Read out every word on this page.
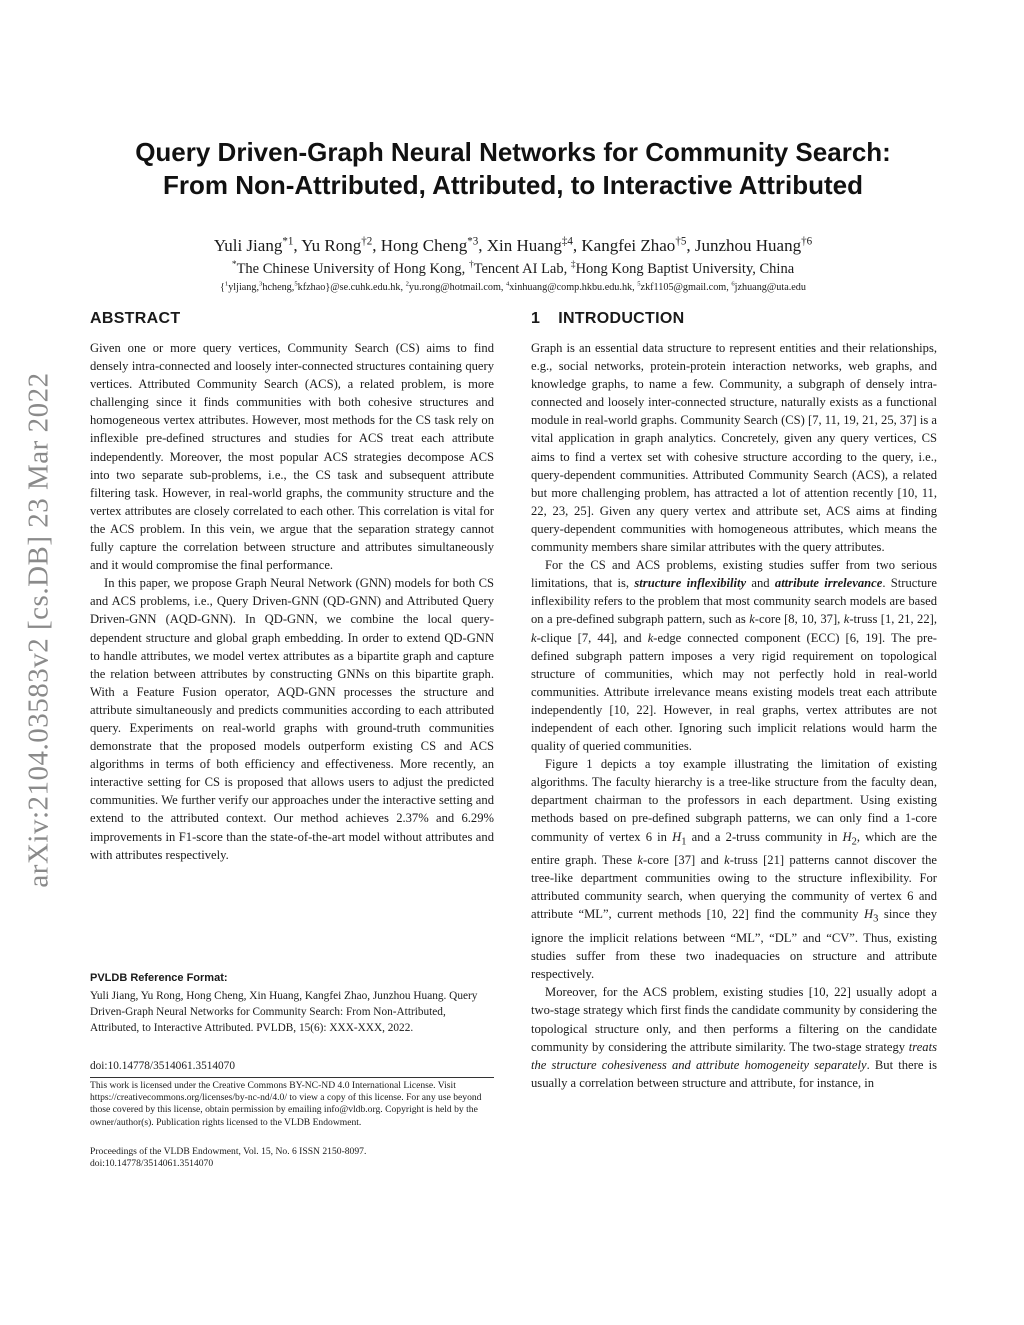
arXiv:2104.03583v2 [cs.DB] 23 Mar 2022
Query Driven-Graph Neural Networks for Community Search:
From Non-Attributed, Attributed, to Interactive Attributed
Yuli Jiang$^{*1}$, Yu Rong$^{\dagger 2}$, Hong Cheng$^{*3}$, Xin Huang$^{\ddagger 4}$, Kangfei Zhao$^{\dagger 5}$, Junzhou Huang$^{\dagger 6}$
*The Chinese University of Hong Kong, †Tencent AI Lab, ‡Hong Kong Baptist University, China
{$^1$yljiang,$^3$hcheng,$^5$kfzhao}@se.cuhk.edu.hk, $^2$yu.rong@hotmail.com, $^4$xinhuang@comp.hkbu.edu.hk, $^5$zkf1105@gmail.com, $^6$jzhuang@uta.edu
ABSTRACT

Given one or more query vertices, Community Search (CS) aims to find densely intra-connected and loosely inter-connected structures containing query vertices. Attributed Community Search (ACS), a related problem, is more challenging since it finds communities with both cohesive structures and homogeneous vertex attributes. However, most methods for the CS task rely on inflexible pre-defined structures and studies for ACS treat each attribute independently. Moreover, the most popular ACS strategies decompose ACS into two separate sub-problems, i.e., the CS task and subsequent attribute filtering task. However, in real-world graphs, the community structure and the vertex attributes are closely correlated to each other. This correlation is vital for the ACS problem. In this vein, we argue that the separation strategy cannot fully capture the correlation between structure and attributes simultaneously and it would compromise the final performance.

In this paper, we propose Graph Neural Network (GNN) models for both CS and ACS problems, i.e., Query Driven-GNN (QD-GNN) and Attributed Query Driven-GNN (AQD-GNN). In QD-GNN, we combine the local query-dependent structure and global graph embedding. In order to extend QD-GNN to handle attributes, we model vertex attributes as a bipartite graph and capture the relation between attributes by constructing GNNs on this bipartite graph. With a Feature Fusion operator, AQD-GNN processes the structure and attribute simultaneously and predicts communities according to each attributed query. Experiments on real-world graphs with ground-truth communities demonstrate that the proposed models outperform existing CS and ACS algorithms in terms of both efficiency and effectiveness. More recently, an interactive setting for CS is proposed that allows users to adjust the predicted communities. We further verify our approaches under the interactive setting and extend to the attributed context. Our method achieves 2.37% and 6.29% improvements in F1-score than the state-of-the-art model without attributes and with attributes respectively.

PVLDB Reference Format:

Yuli Jiang, Yu Rong, Hong Cheng, Xin Huang, Kangfei Zhao, Junzhou Huang. Query Driven-Graph Neural Networks for Community Search: From Non-Attributed, Attributed, to Interactive Attributed. PVLDB, 15(6): XXX-XXX, 2022.

doi:10.14778/3514061.3514070
This work is licensed under the Creative Commons BY-NC-ND 4.0 International License. Visit https://creativecommons.org/licenses/by-nc-nd/4.0/ to view a copy of this license. For any use beyond those covered by this license, obtain permission by emailing info@vldb.org. Copyright is held by the owner/author(s). Publication rights licensed to the VLDB Endowment.
Proceedings of the VLDB Endowment, Vol. 15, No. 6 ISSN 2150-8097.
doi:10.14778/3514061.3514070
1 INTRODUCTION

Graph is an essential data structure to represent entities and their relationships, e.g., social networks, protein-protein interaction networks, web graphs, and knowledge graphs, to name a few. Community, a subgraph of densely intra-connected and loosely inter-connected structure, naturally exists as a functional module in real-world graphs. Community Search (CS) [7, 11, 19, 21, 25, 37] is a vital application in graph analytics. Concretely, given any query vertices, CS aims to find a vertex set with cohesive structure according to the query, i.e., query-dependent communities. Attributed Community Search (ACS), a related but more challenging problem, has attracted a lot of attention recently [10, 11, 22, 23, 25]. Given any query vertex and attribute set, ACS aims at finding query-dependent communities with homogeneous attributes, which means the community members share similar attributes with the query attributes.

For the CS and ACS problems, existing studies suffer from two serious limitations, that is, structure inflexibility and attribute irrelevance. Structure inflexibility refers to the problem that most community search models are based on a pre-defined subgraph pattern, such as k-core [8, 10, 37], k-truss [1, 21, 22], k-clique [7, 44], and k-edge connected component (ECC) [6, 19]. The pre-defined subgraph pattern imposes a very rigid requirement on topological structure of communities, which may not perfectly hold in real-world communities. Attribute irrelevance means existing models treat each attribute independently [10, 22]. However, in real graphs, vertex attributes are not independent of each other. Ignoring such implicit relations would harm the quality of queried communities.

Figure 1 depicts a toy example illustrating the limitation of existing algorithms. The faculty hierarchy is a tree-like structure from the faculty dean, department chairman to the professors in each department. Using existing methods based on pre-defined subgraph patterns, we can only find a 1-core community of vertex 6 in $H_1$ and a 2-truss community in $H_2$, which are the entire graph. These k-core [37] and k-truss [21] patterns cannot discover the tree-like department communities owing to the structure inflexibility. For attributed community search, when querying the community of vertex 6 and attribute “ML”, current methods [10, 22] find the community $H_3$ since they ignore the implicit relations between “ML”, “DL” and “CV”. Thus, existing studies suffer from these two inadequacies on structure and attribute respectively.

Moreover, for the ACS problem, existing studies [10, 22] usually adopt a two-stage strategy which first finds the candidate community by considering the topological structure only, and then performs a filtering on the candidate community by considering the attribute similarity. The two-stage strategy treats the structure cohesiveness and attribute homogeneity separately. But there is usually a correlation between structure and attribute, for instance, in
